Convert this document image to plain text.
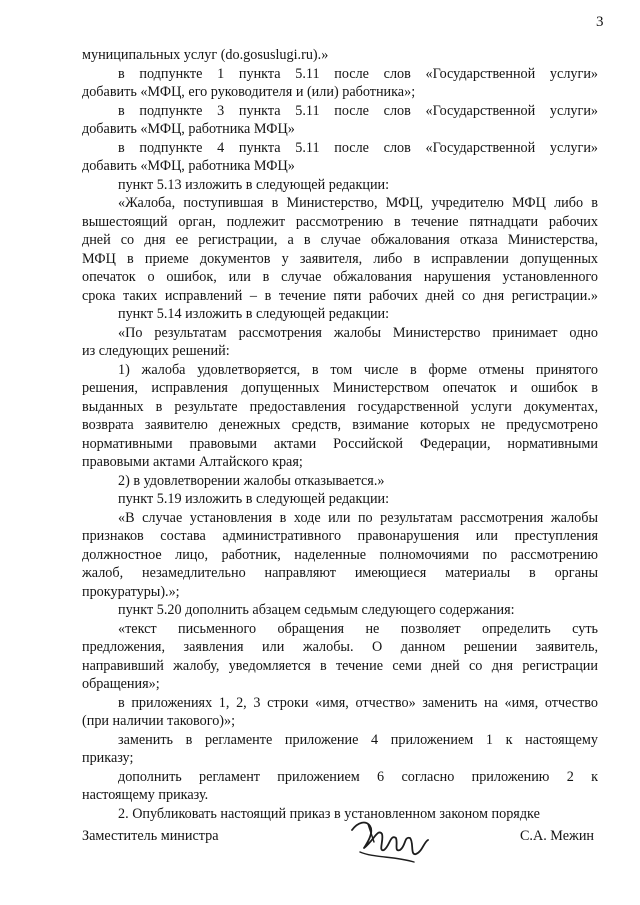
3
муниципальных услуг (do.gosuslugi.ru).»
в подпункте 1 пункта 5.11 после слов «Государственной услуги»
добавить «МФЦ, его руководителя и (или) работника»;
в подпункте 3 пункта 5.11 после слов «Государственной услуги»
добавить «МФЦ, работника МФЦ»
в подпункте 4 пункта 5.11 после слов «Государственной услуги»
добавить «МФЦ, работника МФЦ»
пункт 5.13 изложить в следующей редакции:
«Жалоба, поступившая в Министерство, МФЦ, учредителю МФЦ либо в
вышестоящий орган, подлежит рассмотрению в течение пятнадцати рабочих
дней со дня ее регистрации, а в случае обжалования отказа Министерства,
МФЦ в приеме документов у заявителя, либо в исправлении допущенных
опечаток о ошибок, или в случае обжалования нарушения установленного
срока таких исправлений – в течение пяти рабочих дней со дня регистрации.»
пункт 5.14 изложить в следующей редакции:
«По результатам рассмотрения жалобы Министерство принимает одно
из следующих решений:
1) жалоба удовлетворяется, в том числе в форме отмены принятого
решения, исправления допущенных Министерством опечаток и ошибок в
выданных в результате предоставления государственной услуги документах,
возврата заявителю денежных средств, взимание которых не предусмотрено
нормативными правовыми актами Российской Федерации, нормативными
правовыми актами Алтайского края;
2) в удовлетворении жалобы отказывается.»
пункт 5.19 изложить в следующей редакции:
«В случае установления в ходе или по результатам рассмотрения жалобы
признаков состава административного правонарушения или преступления
должностное лицо, работник, наделенные полномочиями по рассмотрению
жалоб, незамедлительно направляют имеющиеся материалы в органы
прокуратуры).»;
пункт 5.20 дополнить абзацем седьмым следующего содержания:
«текст письменного обращения не позволяет определить суть
предложения, заявления или жалобы. О данном решении заявитель,
направивший жалобу, уведомляется в течение семи дней со дня регистрации
обращения»;
в приложениях 1, 2, 3 строки «имя, отчество» заменить на «имя, отчество
(при наличии такового)»;
заменить в регламенте приложение 4 приложением 1 к настоящему
приказу;
дополнить регламент приложением 6 согласно приложению 2 к
настоящему приказу.
2. Опубликовать настоящий приказ в установленном законом порядке
Заместитель министра	С.А. Межин
